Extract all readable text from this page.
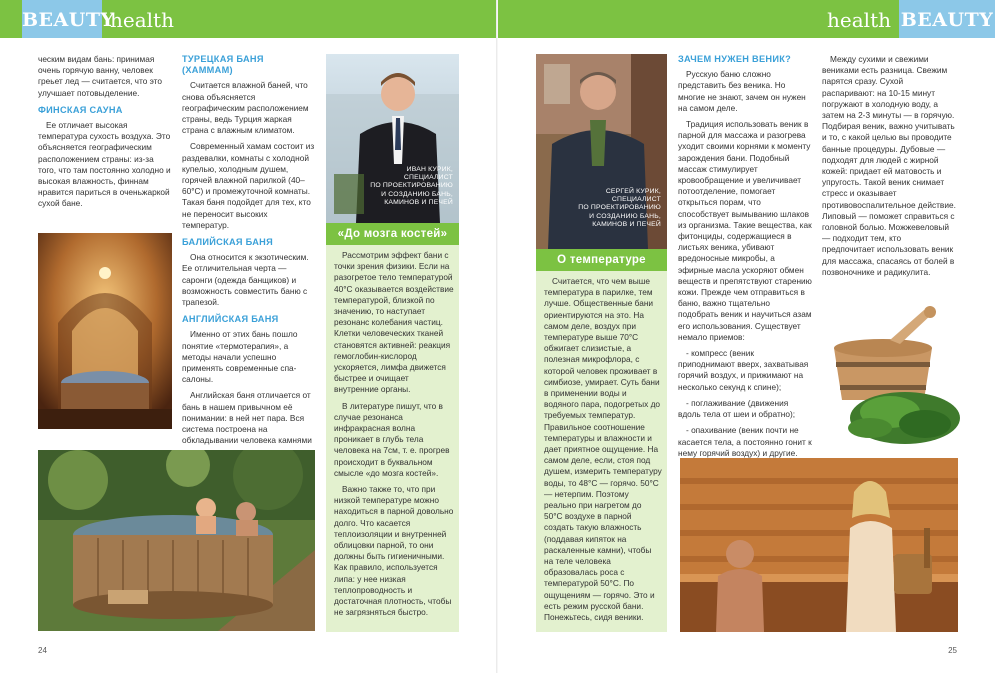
BEAUTY
health

ческим видам бань: принимая очень горячую ванну, человек греьет лед — считается, что это улучшает потовыделение.

ФИНСКАЯ САУНА

Ее отличает высокая температура сухость воздуха. Это объясняется географическим расположением страны: из-за того, что там постоянно холодно и высокая влажность, финнам нравится париться в оченьжаркой сухой бане.

ТУРЕЦКАЯ БАНЯ (ХАММАМ)

Считается влажной баней, что снова объясняется географическим расположением страны, ведь Турция жаркая страна с влажным климатом.

Современный хамам состоит из раздевалки, комнаты с холодной купелью, холодным душем, горячей влажной парилкой (40–60°С) и промежуточной комнаты. Такая баня подойдет для тех, кто не переносит высоких температур.

БАЛИЙСКАЯ БАНЯ

Она относится к экзотическим. Ее отличительная черта — саронги (одежда банщиков) и возможность совместить баню с трапезой.

АНГЛИЙСКАЯ БАНЯ

Именно от этих бань пошло понятие «термотерапия», а методы начали успешно применять современные спа-салоны.

Английская баня отличается от бань в нашем привычном её понимании: в ней нет пара. Вся система построена на обкладывании человека камнями

ИВАН КУРИК,
СПЕЦИАЛИСТ
ПО ПРОЕКТИРОВАНИЮ
И СОЗДАНИЮ БАНЬ,
КАМИНОВ И ПЕЧЕЙ
«До мозга костей»

Рассмотрим эффект бани с точки зрения физики. Если на разогретое тело температурой 40°С оказывается воздействие температурой, близкой по значению, то наступает резонанс колебания частиц. Клетки человеческих тканей становятся активней: реакция гемоглобин-кислород ускоряется, лимфа движется быстрее и очищает внутренние органы.

В литературе пишут, что в случае резонанса инфракрасная волна проникает в глубь тела человека на 7см, т. е. прогрев происходит в буквальном смысле «до мозга костей».

Важно также то, что при низкой температуре можно находиться в парной довольно долго. Что касается теплоизоляции и внутренней облицовки парной, то они должны быть гигиеничными. Как правило, используется липа: у нее низкая теплопроводность и достаточная плотность, чтобы не загрязняться быстро.

24
health BEAUTY
СЕРГЕЙ КУРИК,
СПЕЦИАЛИСТ
ПО ПРОЕКТИРОВАНИЮ
И СОЗДАНИЮ БАНЬ,
КАМИНОВ И ПЕЧЕЙ
О температуре

Считается, что чем выше температура в парилке, тем лучше. Общественные бани ориентируются на это. На самом деле, воздух при температуре выше 70°С обжигает слизистые, а полезная микрофлора, с которой человек проживает в симбиозе, умирает. Суть бани в применении воды и водяного пара, подогретых до требуемых температур. Правильное соотношение температуры и влажности и дает приятное ощущение. На самом деле, если, стоя под душем, измерить температуру воды, то 48°С — горячо. 50°С — нетерпим. Поэтому реально при нагретом до 50°С воздухе в парной создать такую влажность (поддавая кипяток на раскаленные камни), чтобы на теле человека образовалась роса с температурой 50°С. По ощущениям — горячо. Это и есть режим русской бани. Понежьтесь, сидя веники.

ЗАЧЕМ НУЖЕН ВЕНИК?

Русскую баню сложно представить без веника. Но многие не знают, зачем он нужен на самом деле.

Традиция использовать веник в парной для массажа и разогрева уходит своими корнями к моменту зарождения бани. Подобный массаж стимулирует кровообращение и увеличивает потоотделение, помогает открыться порам, что способствует вымыванию шлаков из организма. Такие вещества, как фитонциды, содержащиеся в листьях веника, убивают вредоносные микробы, а эфирные масла ускоряют обмен веществ и препятствуют старению кожи. Прежде чем отправиться в баню, важно тщательно подобрать веник и научиться азам его использования. Существует немало приемов:

- компресс (веник приподнимают вверх, захватывая горячий воздух, и прижимают на несколько секунд к спине);

- поглаживание (движения вдоль тела от шеи и обратно);

- опахивание (веник почти не касается тела, а постоянно гонит к нему горячий воздух) и другие.

Между сухими и свежими вениками есть разница. Свежим парятся сразу. Сухой распаривают: на 10-15 минут погружают в холодную воду, а затем на 2-3 минуты — в горячую. Подбирая веник, важно учитывать и то, с какой целью вы проводите банные процедуры. Дубовые — подходят для людей с жирной кожей: придает ей матовость и упругость. Такой веник снимает стресс и оказывает противовоспалительное действие. Липовый — поможет справиться с головной болью. Можжевеловый — подходит тем, кто предпочитает использовать веник для массажа, спасаясь от болей в позвоночнике и радикулита.

25
